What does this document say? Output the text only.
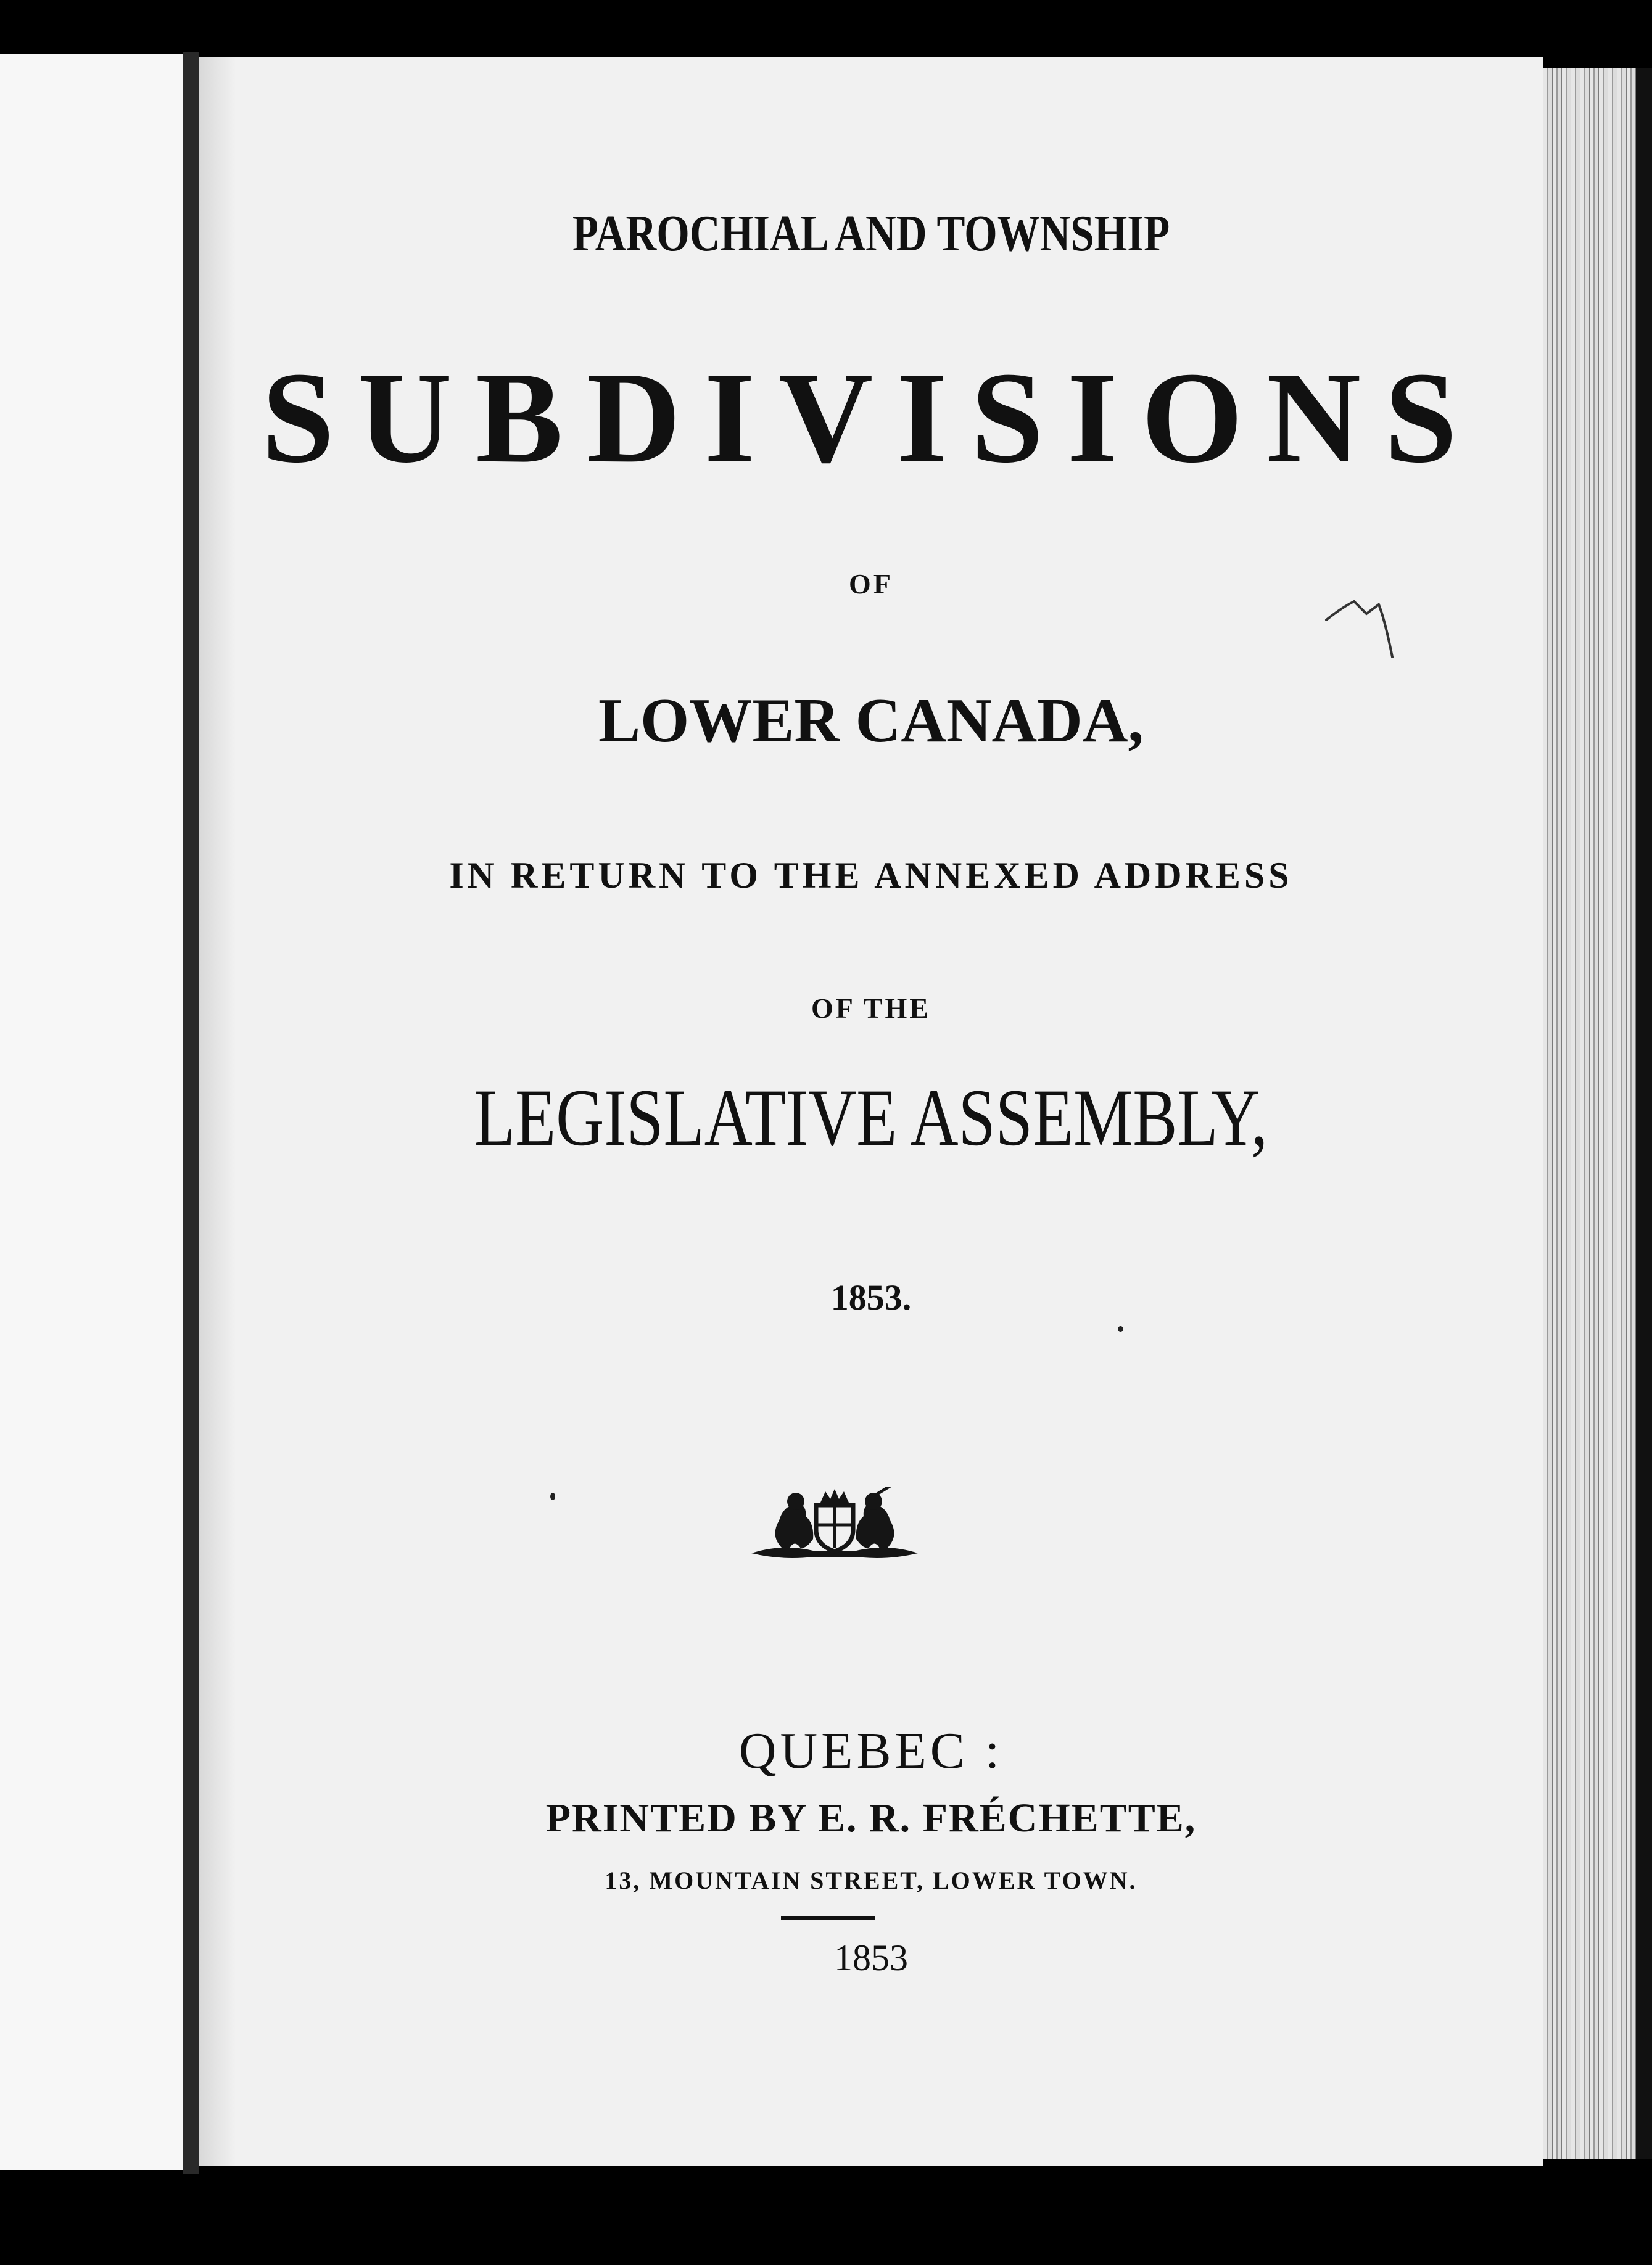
PAROCHIAL AND TOWNSHIP

SUBDIVISIONS

OF

LOWER CANADA,

IN RETURN TO THE ANNEXED ADDRESS

OF THE

LEGISLATIVE ASSEMBLY,

1853.

QUEBEC :

PRINTED BY E. R. FRÉCHETTE,

13, MOUNTAIN STREET, LOWER TOWN.

1853
